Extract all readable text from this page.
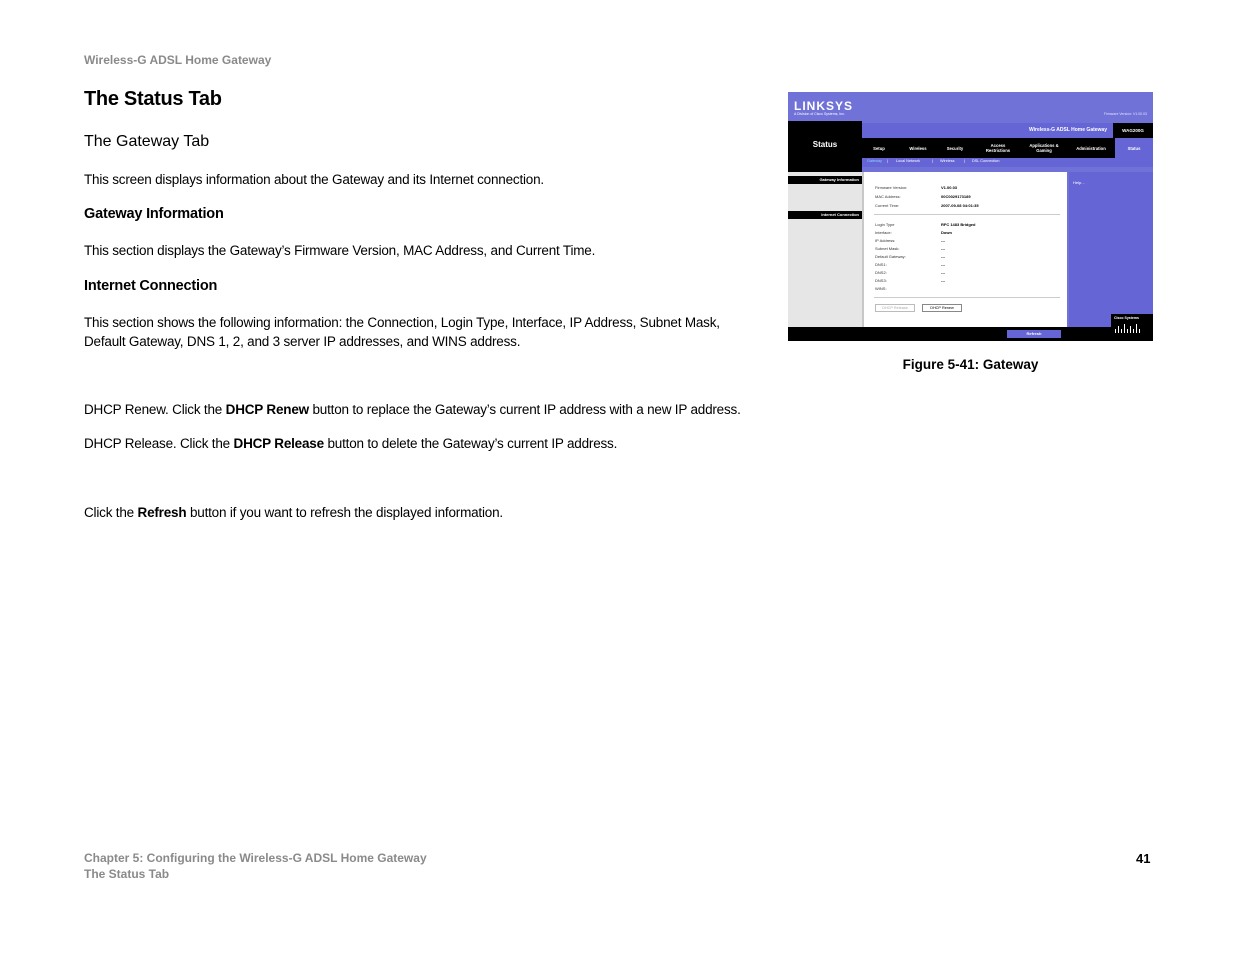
Wireless-G ADSL Home Gateway
The Status Tab
The Gateway Tab
This screen displays information about the Gateway and its Internet connection.
Gateway Information
This section displays the Gateway’s Firmware Version, MAC Address, and Current Time.
Internet Connection
This section shows the following information: the Connection, Login Type, Interface, IP Address, Subnet Mask, Default Gateway, DNS 1, 2, and 3 server IP addresses, and WINS address.
DHCP Renew. Click the DHCP Renew button to replace the Gateway’s current IP address with a new IP address.
DHCP Release. Click the DHCP Release button to delete the Gateway’s current IP address.
Click the Refresh button if you want to refresh the displayed information.
LINKSYS
A Division of Cisco Systems, Inc.	Firmware Version: V1.00.03
Status
Wireless-G ADSL Home Gateway	WAG200G
Setup	Wireless	Security	Access Restrictions
Applications & Gaming	Administration	Status
Gateway | Local Network	| Wireless | DSL Connection
Gateway Information
Internet Connection
Firmware Version:	V1.00.03
MAC Address:	00C0029173189
Current Time:	2007-09-08 04:01:35
Login Type	RFC 1483 Bridged
Interface:	Down
IP Address:	---
Subnet Mask:	---
Default Gateway:	---
DNS1:	---
DNS2:	---
DNS3:	---
WINS:
DHCP Release	DHCP Renew
Help...
Refresh
Cisco Systems
Figure 5-41: Gateway
Chapter 5: Configuring the Wireless-G ADSL Home Gateway
The Status Tab
41
